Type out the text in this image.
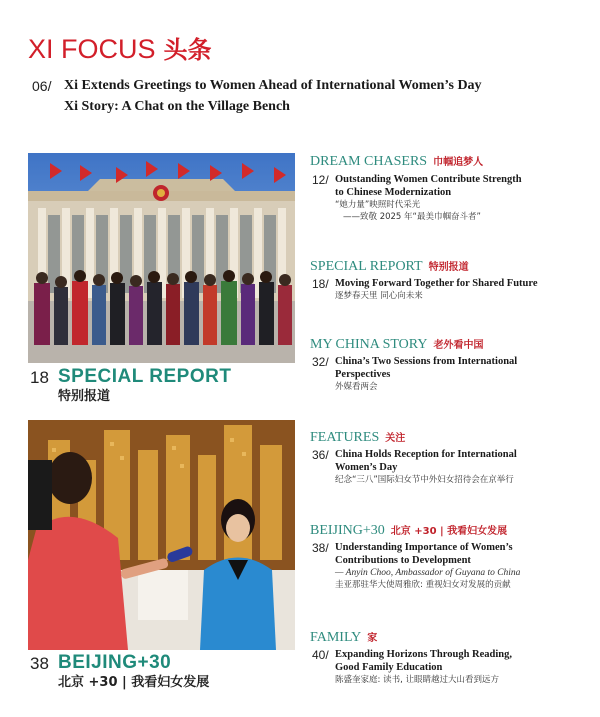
XI FOCUS 头条
06/ Xi Extends Greetings to Women Ahead of International Women’s Day
Xi Story: A Chat on the Village Bench
18 SPECIAL REPORT
特别报道
38 BEIJING+30
北京 +30 | 我看妇女发展
DREAM CHASERS 巾帼追梦人
12/ Outstanding Women Contribute Strength
to Chinese Modernization
“她力量”映照时代采光
——致敬 2025 年“最美巾帼奋斗者”
SPECIAL REPORT 特别报道
18/ Moving Forward Together for Shared Future
逐梦春天里 同心向未来
MY CHINA STORY 老外看中国
32/ China’s Two Sessions from International
Perspectives
外媒看两会
FEATURES 关注
36/ China Holds Reception for International
Women’s Day
纪念“三八”国际妇女节中外妇女招待会在京举行
BEIJING+30 北京 +30 | 我看妇女发展
38/ Understanding Importance of Women’s
Contributions to Development
— Anyin Choo, Ambassador of Guyana to China
圭亚那驻华大使周雅欣: 重视妇女对发展的贡献
FAMILY 家
40/ Expanding Horizons Through Reading,
Good Family Education
陈盛奎家庭: 读书, 让眼睛越过大山看到远方
